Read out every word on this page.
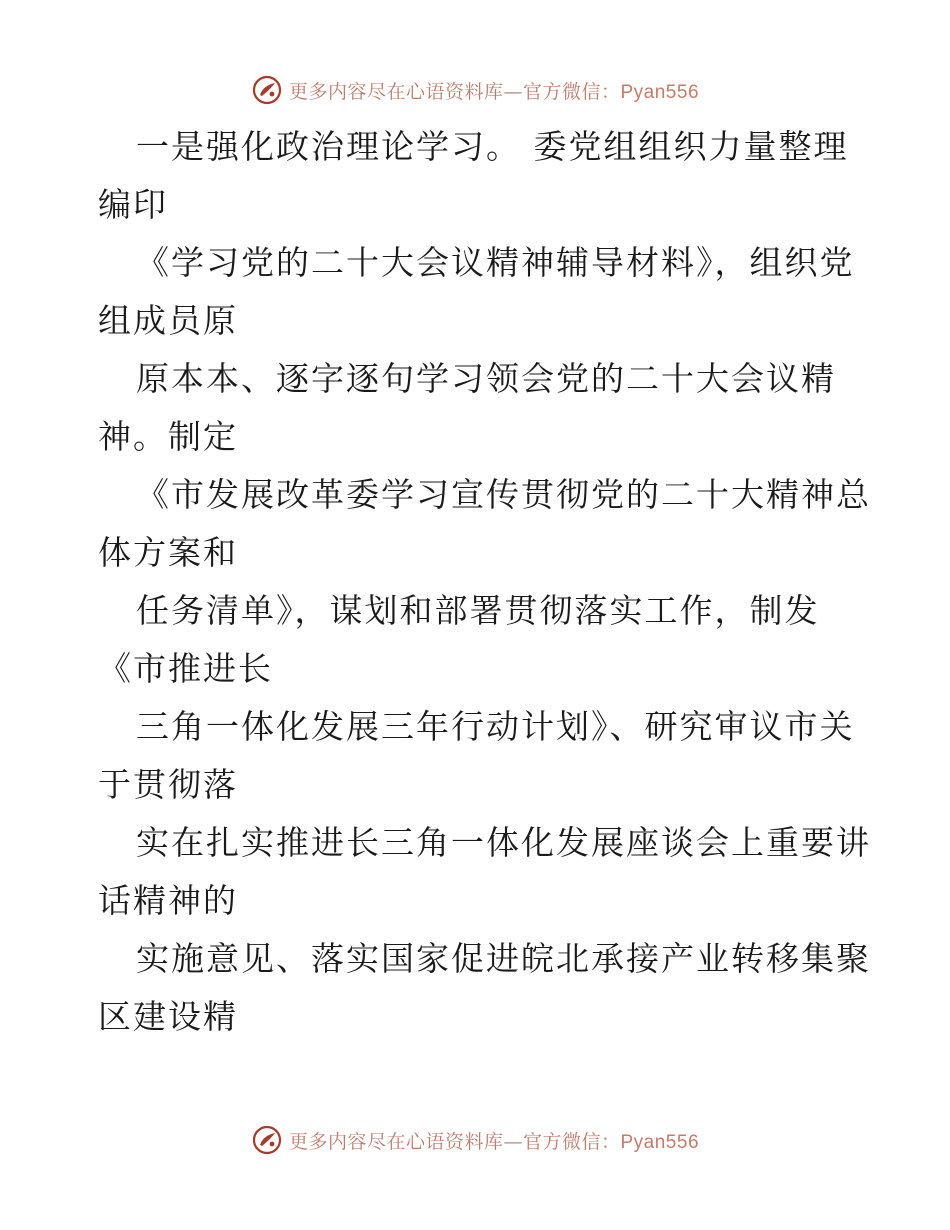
更多内容尽在心语资料库—官方微信：Pyan556
一是强化政治理论学习。 委党组组织力量整理
编印
《学习党的二十大会议精神辅导材料》，组织党
组成员原
原本本、逐字逐句学习领会党的二十大会议精
神。制定
《市发展改革委学习宣传贯彻党的二十大精神总
体方案和
任务清单》，谋划和部署贯彻落实工作，制发
《市推进长
三角一体化发展三年行动计划》、研究审议市关
于贯彻落
实在扎实推进长三角一体化发展座谈会上重要讲
话精神的
实施意见、落实国家促进皖北承接产业转移集聚
区建设精
更多内容尽在心语资料库—官方微信：Pyan556
